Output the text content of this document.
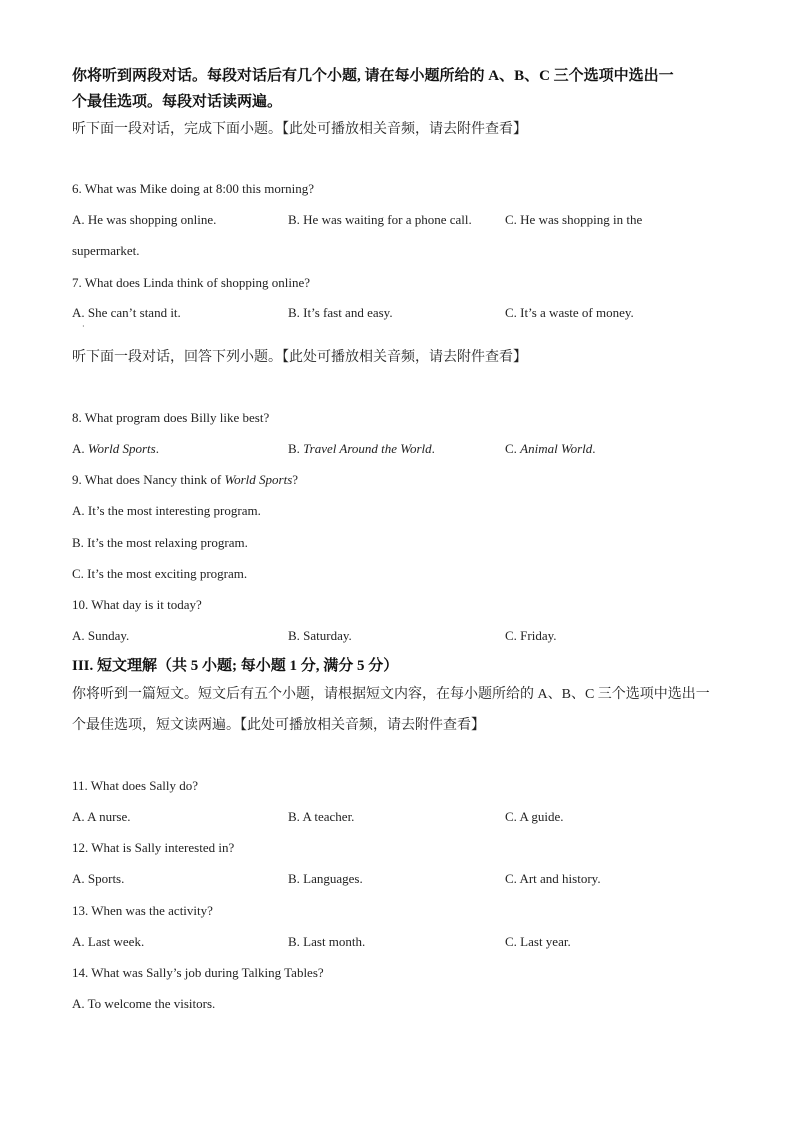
你将听到两段对话。每段对话后有几个小题, 请在每小题所给的 A、B、C 三个选项中选出一
个最佳选项。每段对话读两遍。
听下面一段对话，完成下面小题。【此处可播放相关音频，请去附件查看】
6. What was Mike doing at 8:00 this morning?
A. He was shopping online.	B. He was waiting for a phone call.	C. He was shopping in the
supermarket.
7. What does Linda think of shopping online?
A. She can’t stand it.	B. It’s fast and easy.	C. It’s a waste of money.
·
听下面一段对话，回答下列小题。【此处可播放相关音频，请去附件查看】
8. What program does Billy like best?
A. World Sports.	B. Travel Around the World.	C. Animal World.
9. What does Nancy think of World Sports?
A. It’s the most interesting program.
B. It’s the most relaxing program.
C. It’s the most exciting program.
10. What day is it today?
A. Sunday.	B. Saturday.	C. Friday.
III. 短文理解（共 5 小题; 每小题 1 分, 满分 5 分）
你将听到一篇短文。短文后有五个小题，请根据短文内容，在每小题所给的 A、B、C 三个选项中选出一
个最佳选项，短文读两遍。【此处可播放相关音频，请去附件查看】
11. What does Sally do?
A. A nurse.	B. A teacher.	C. A guide.
12. What is Sally interested in?
A. Sports.	B. Languages.	C. Art and history.
13. When was the activity?
A. Last week.	B. Last month.	C. Last year.
14. What was Sally’s job during Talking Tables?
A. To welcome the visitors.
